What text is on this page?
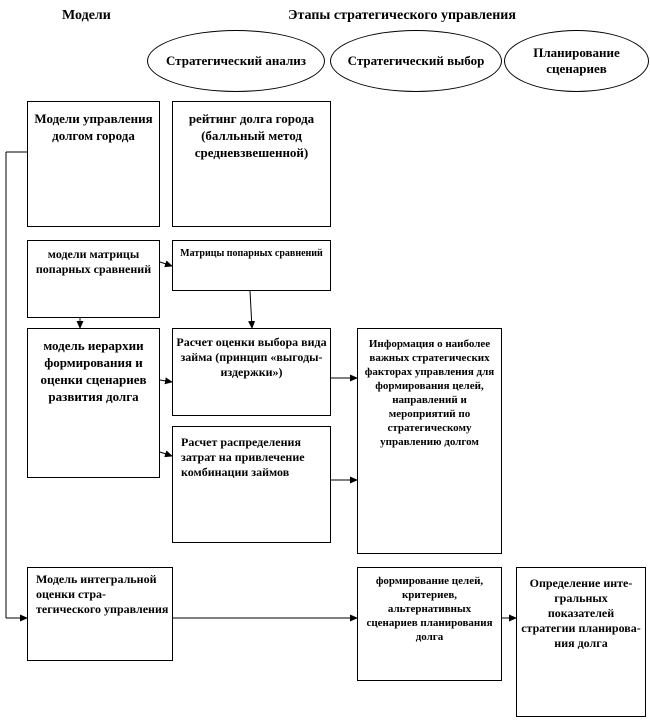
Модели	Этапы стратегического управления
Стратегический анализ	Стратегический выбор
Планирование сценариев
Модели управления долгом города
модели матрицы попарных сравнений
модель иерархии формирования и оценки сценариев развития долга
Модель интегральной оценки стра-тегического управления
рейтинг долга города (балльный метод средневзвешенной)
Матрицы попарных сравнений
Расчет оценки выбора вида займа (принцип «выгоды-издержки»)
Расчет распределения затрат на привлечение комбинации займов
Информация о наиболее важных стратегических факторах управления для формирования целей, направлений и мероприятий по стратегическому управлению долгом
формирование целей, критериев, альтернативных сценариев планирования долга
Определение инте-гральных показателей стратегии планирова-ния долга
